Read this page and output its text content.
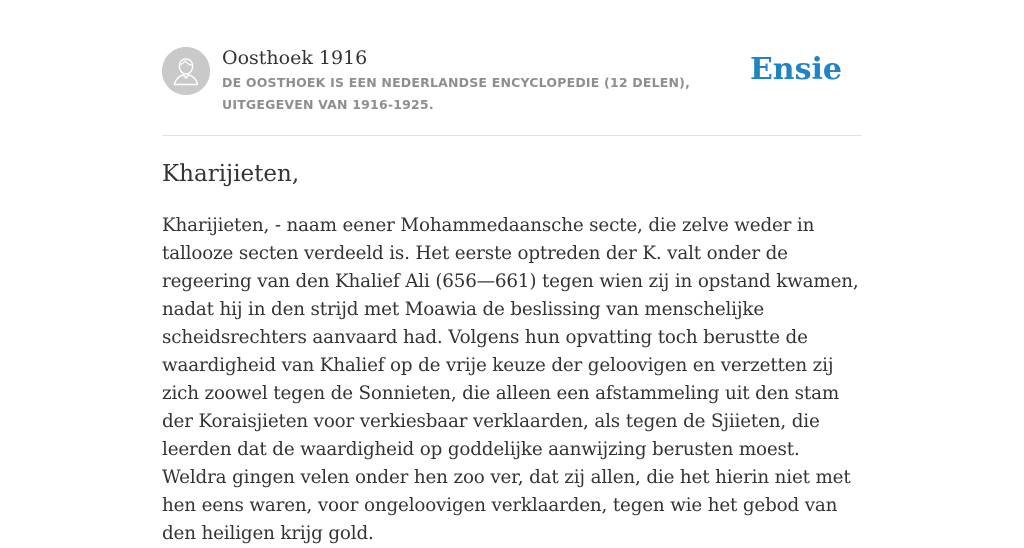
Oosthoek 1916
DE OOSTHOEK IS EEN NEDERLANDSE ENCYCLOPEDIE (12 DELEN), UITGEGEVEN VAN 1916-1925.
Ensie
Kharijieten,

Kharijieten, - naam eener Mohammedaansche secte, die zelve weder in tallooze secten verdeeld is. Het eerste optreden der K. valt onder de regeering van den Khalief Ali (656—661) tegen wien zij in opstand kwamen, nadat hij in den strijd met Moawia de beslissing van menschelijke scheidsrechters aanvaard had. Volgens hun opvatting toch berustte de waardigheid van Khalief op de vrije keuze der geloovigen en verzetten zij zich zoowel tegen de Sonnieten, die alleen een afstammeling uit den stam der Koraisjieten voor verkiesbaar verklaarden, als tegen de Sjiieten, die leerden dat de waardigheid op goddelijke aanwijzing berusten moest. Weldra gingen velen onder hen zoo ver, dat zij allen, die het hierin niet met hen eens waren, voor ongeloovigen verklaarden, tegen wie het gebod van den heiligen krijg gold.
